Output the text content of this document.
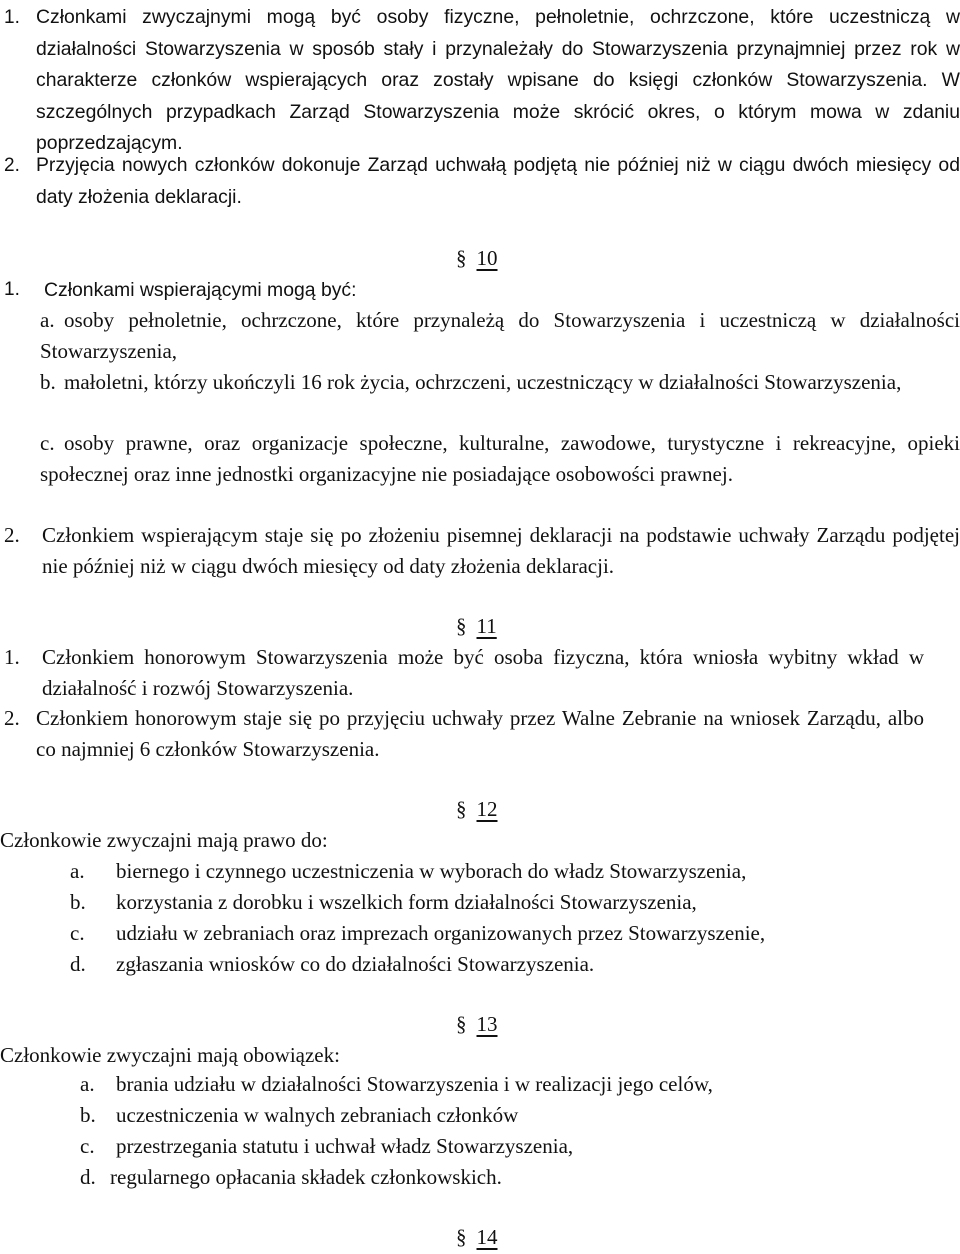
1. Członkami zwyczajnymi mogą być osoby fizyczne, pełnoletnie, ochrzczone, które uczestniczą w działalności Stowarzyszenia w sposób stały i przynależały do Stowarzyszenia przynajmniej przez rok w charakterze członków wspierających oraz zostały wpisane do księgi członków Stowarzyszenia. W szczególnych przypadkach Zarząd Stowarzyszenia może skrócić okres, o którym mowa w zdaniu poprzedzającym.
2. Przyjęcia nowych członków dokonuje Zarząd uchwałą podjętą nie później niż w ciągu dwóch miesięcy od daty złożenia deklaracji.
§ 10
1. Członkami wspierającymi mogą być:
a. osoby pełnoletnie, ochrzczone, które przynależą do Stowarzyszenia i uczestniczą w działalności Stowarzyszenia,
b. małoletni, którzy ukończyli 16 rok życia, ochrzczeni, uczestniczący w działalności Stowarzyszenia,
c. osoby prawne, oraz organizacje społeczne, kulturalne, zawodowe, turystyczne i rekreacyjne, opieki społecznej oraz inne jednostki organizacyjne nie posiadające osobowości prawnej.
2. Członkiem wspierającym staje się po złożeniu pisemnej deklaracji na podstawie uchwały Zarządu podjętej nie później niż w ciągu dwóch miesięcy od daty złożenia deklaracji.
§ 11
1. Członkiem honorowym Stowarzyszenia może być osoba fizyczna, która wniosła wybitny wkład w działalność i rozwój Stowarzyszenia.
2. Członkiem honorowym staje się po przyjęciu uchwały przez Walne Zebranie na wniosek Zarządu, albo co najmniej 6 członków Stowarzyszenia.
§ 12
Członkowie zwyczajni mają prawo do:
a. biernego i czynnego uczestniczenia w wyborach do władz Stowarzyszenia,
b. korzystania z dorobku i wszelkich form działalności Stowarzyszenia,
c. udziału w zebraniach oraz imprezach organizowanych przez Stowarzyszenie,
d. zgłaszania wniosków co do działalności Stowarzyszenia.
§ 13
Członkowie zwyczajni mają obowiązek:
a. brania udziału w działalności Stowarzyszenia i w realizacji jego celów,
b. uczestniczenia w walnych zebraniach członków
c. przestrzegania statutu i uchwał władz Stowarzyszenia,
d. regularnego opłacania składek członkowskich.
§ 14
